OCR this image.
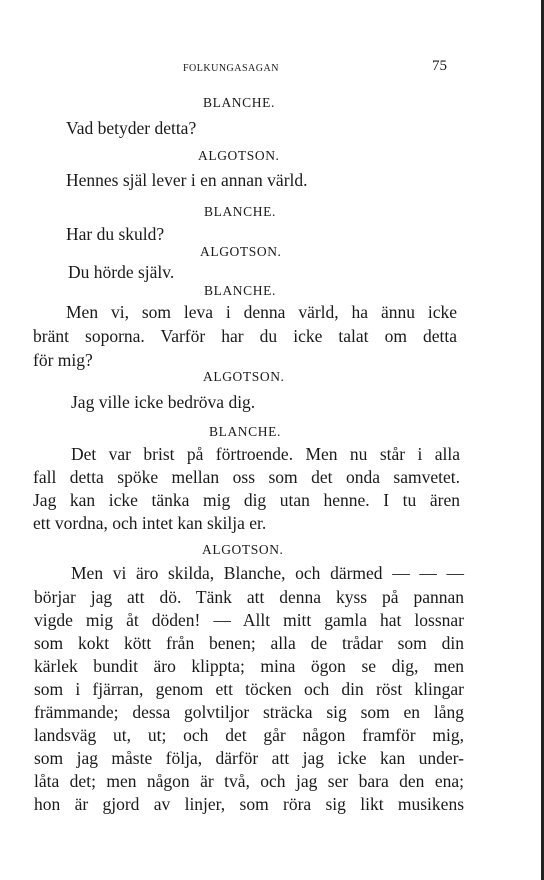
FOLKUNGASAGAN	75
BLANCHE.
Vad betyder detta?
ALGOTSON.
Hennes själ lever i en annan värld.
BLANCHE.
Har du skuld?
ALGOTSON.
Du hörde själv.
BLANCHE.
Men vi, som leva i denna värld, ha ännu icke
bränt soporna. Varför har du icke talat om detta
för mig?
ALGOTSON.
Jag ville icke bedröva dig.
BLANCHE.
Det var brist på förtroende. Men nu står i alla
fall detta spöke mellan oss som det onda samvetet.
Jag kan icke tänka mig dig utan henne. I tu ären
ett vordna, och intet kan skilja er.
ALGOTSON.
Men vi äro skilda, Blanche, och därmed — — —
börjar jag att dö. Tänk att denna kyss på pannan
vigde mig åt döden! — Allt mitt gamla hat lossnar
som kokt kött från benen; alla de trådar som din
kärlek bundit äro klippta; mina ögon se dig, men
som i fjärran, genom ett töcken och din röst klingar
främmande; dessa golvtiljor sträcka sig som en lång
landsväg ut, ut; och det går någon framför mig,
som jag måste följa, därför att jag icke kan under-
låta det; men någon är två, och jag ser bara den ena;
hon är gjord av linjer, som röra sig likt musikens
